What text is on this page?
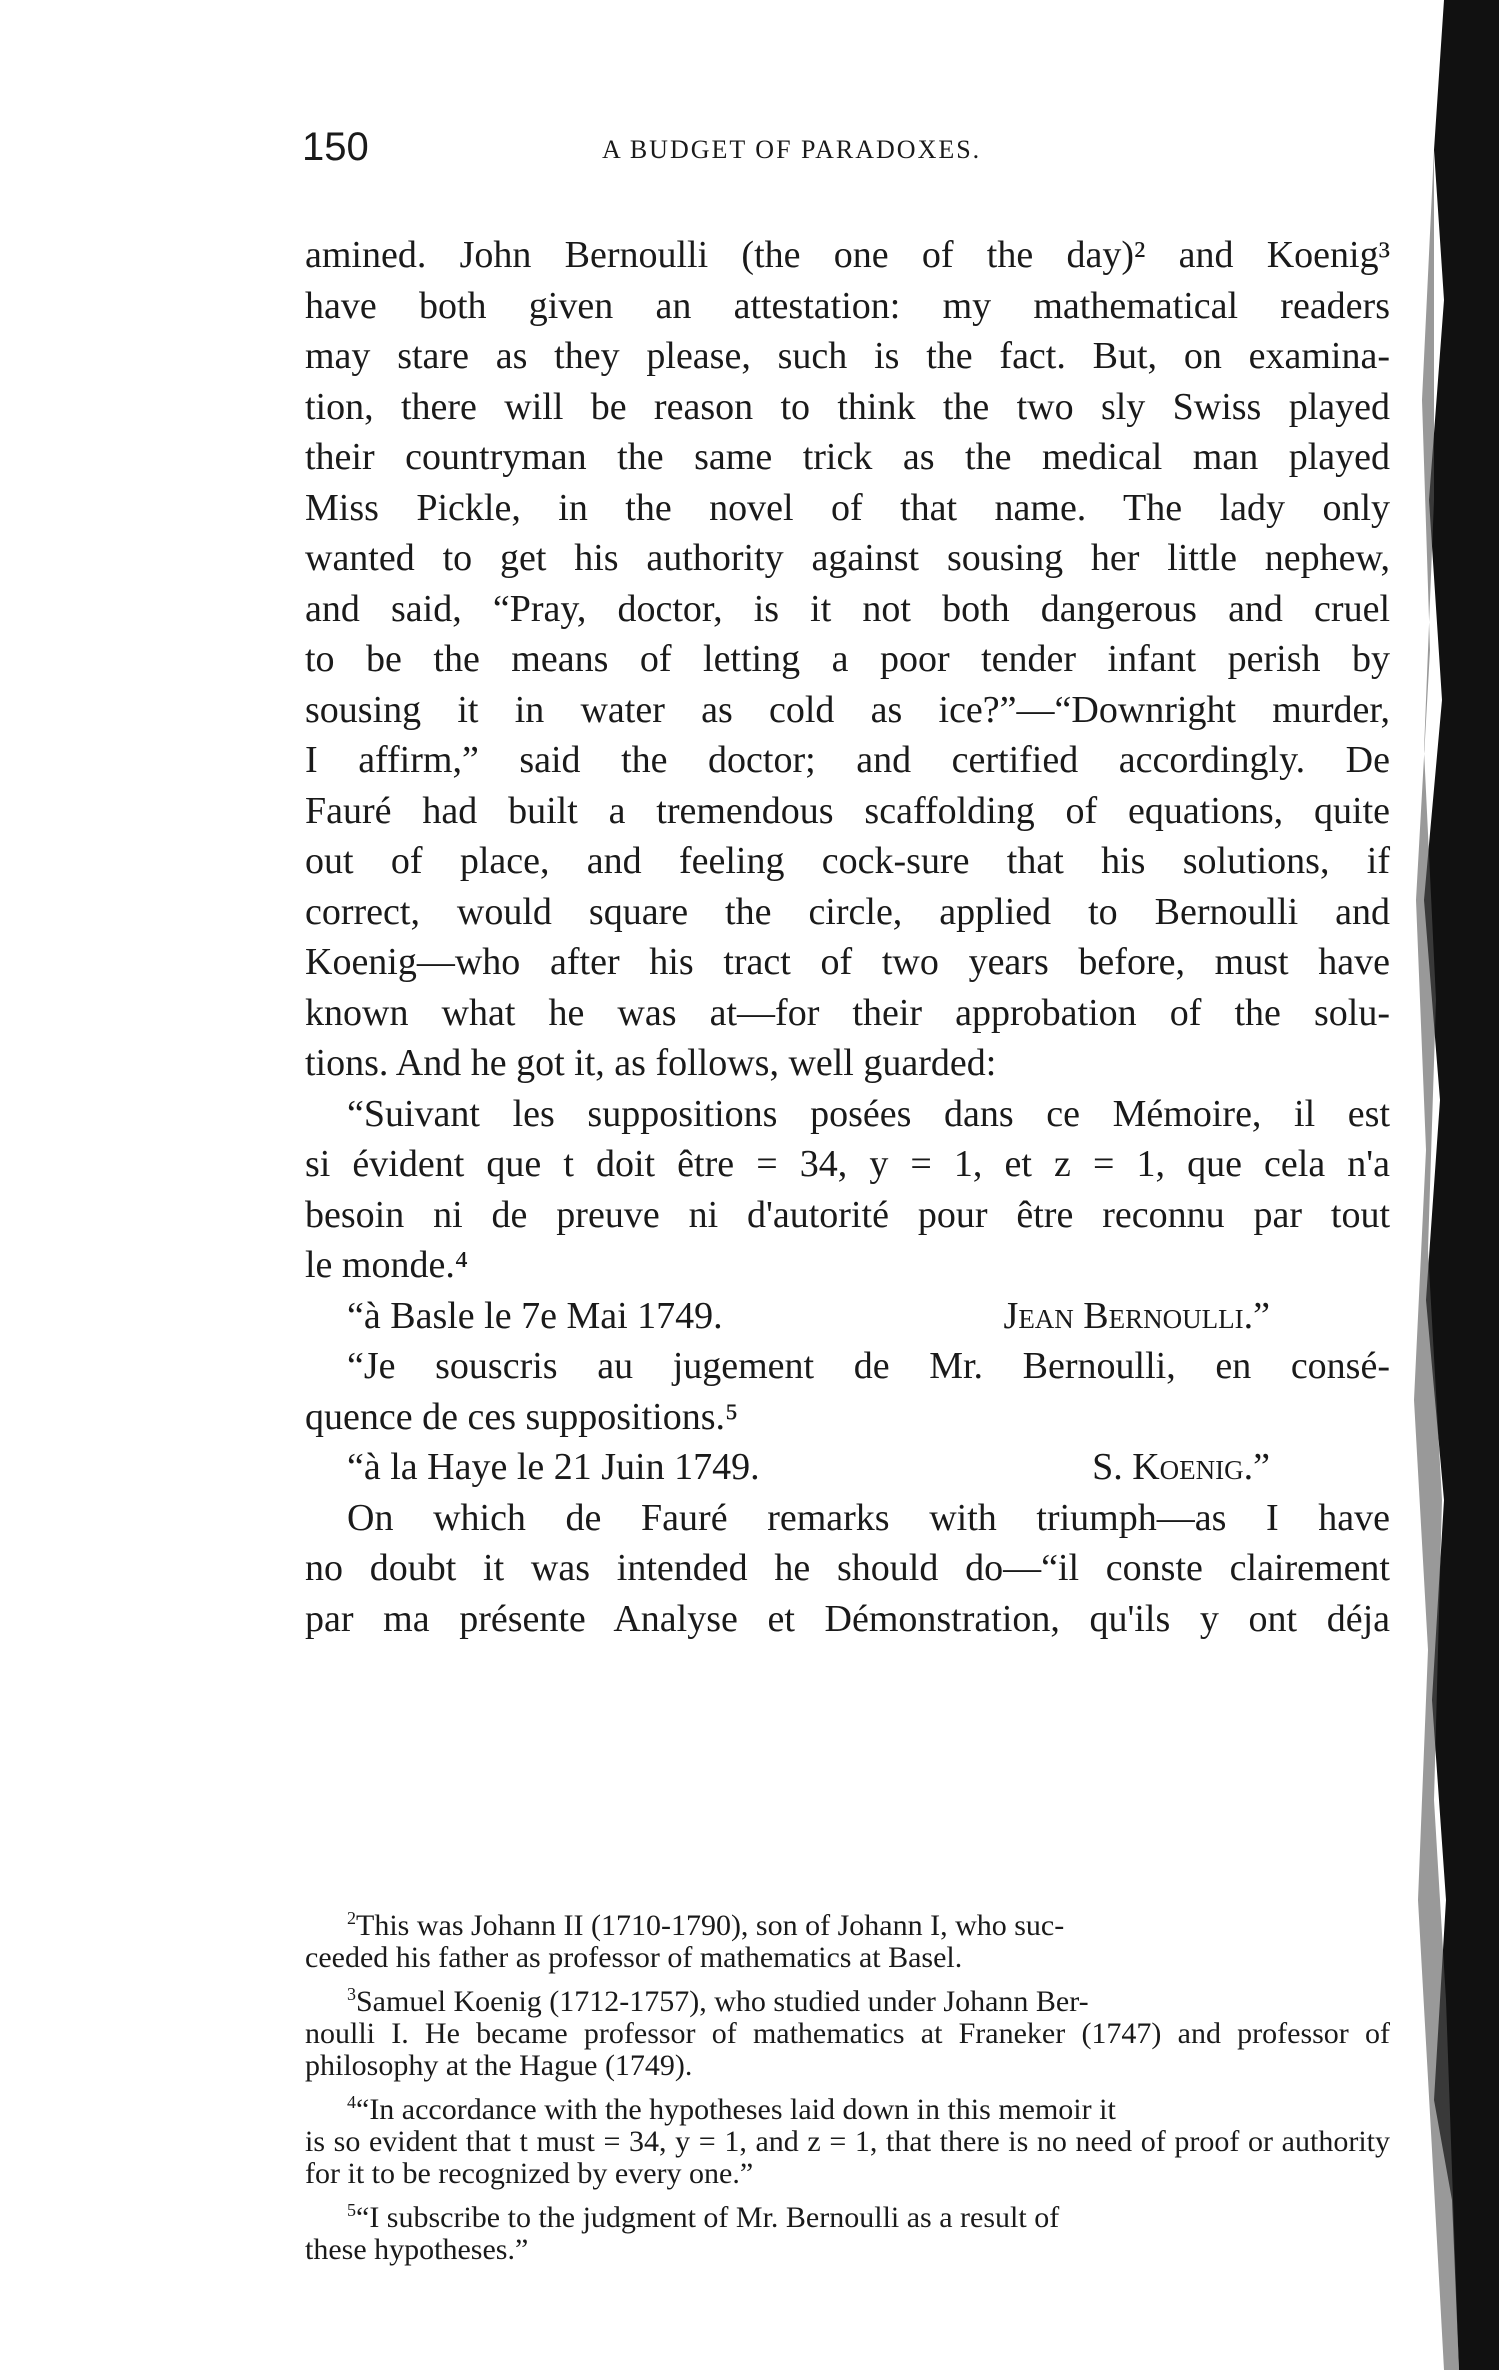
150	A BUDGET OF PARADOXES.
amined. John Bernoulli (the one of the day)² and Koenig³
have both given an attestation: my mathematical readers
may stare as they please, such is the fact. But, on examina-
tion, there will be reason to think the two sly Swiss played
their countryman the same trick as the medical man played
Miss Pickle, in the novel of that name. The lady only
wanted to get his authority against sousing her little nephew,
and said, “Pray, doctor, is it not both dangerous and cruel
to be the means of letting a poor tender infant perish by
sousing it in water as cold as ice?”—“Downright murder,
I affirm,” said the doctor; and certified accordingly. De
Fauré had built a tremendous scaffolding of equations, quite
out of place, and feeling cock-sure that his solutions, if
correct, would square the circle, applied to Bernoulli and
Koenig—who after his tract of two years before, must have
known what he was at—for their approbation of the solu-
tions. And he got it, as follows, well guarded:
“Suivant les suppositions posées dans ce Mémoire, il est
si évident que t doit être = 34, y = 1, et z = 1, que cela n'a
besoin ni de preuve ni d'autorité pour être reconnu par tout
le monde.⁴
“à Basle le 7e Mai 1749.	Jean Bernoulli.”
“Je souscris au jugement de Mr. Bernoulli, en consé-
quence de ces suppositions.⁵
“à la Haye le 21 Juin 1749.	S. Koenig.”
On which de Fauré remarks with triumph—as I have
no doubt it was intended he should do—“il conste clairement
par ma présente Analyse et Démonstration, qu'ils y ont déja
$^2$This was Johann II (1710-1790), son of Johann I, who suc-
ceeded his father as professor of mathematics at Basel.
$^3$Samuel Koenig (1712-1757), who studied under Johann Ber-
noulli I. He became professor of mathematics at Franeker (1747) and professor of philosophy at the Hague (1749).
$^4$“In accordance with the hypotheses laid down in this memoir it
is so evident that t must = 34, y = 1, and z = 1, that there is no need of proof or authority for it to be recognized by every one.”
$^5$“I subscribe to the judgment of Mr. Bernoulli as a result of
these hypotheses.”
